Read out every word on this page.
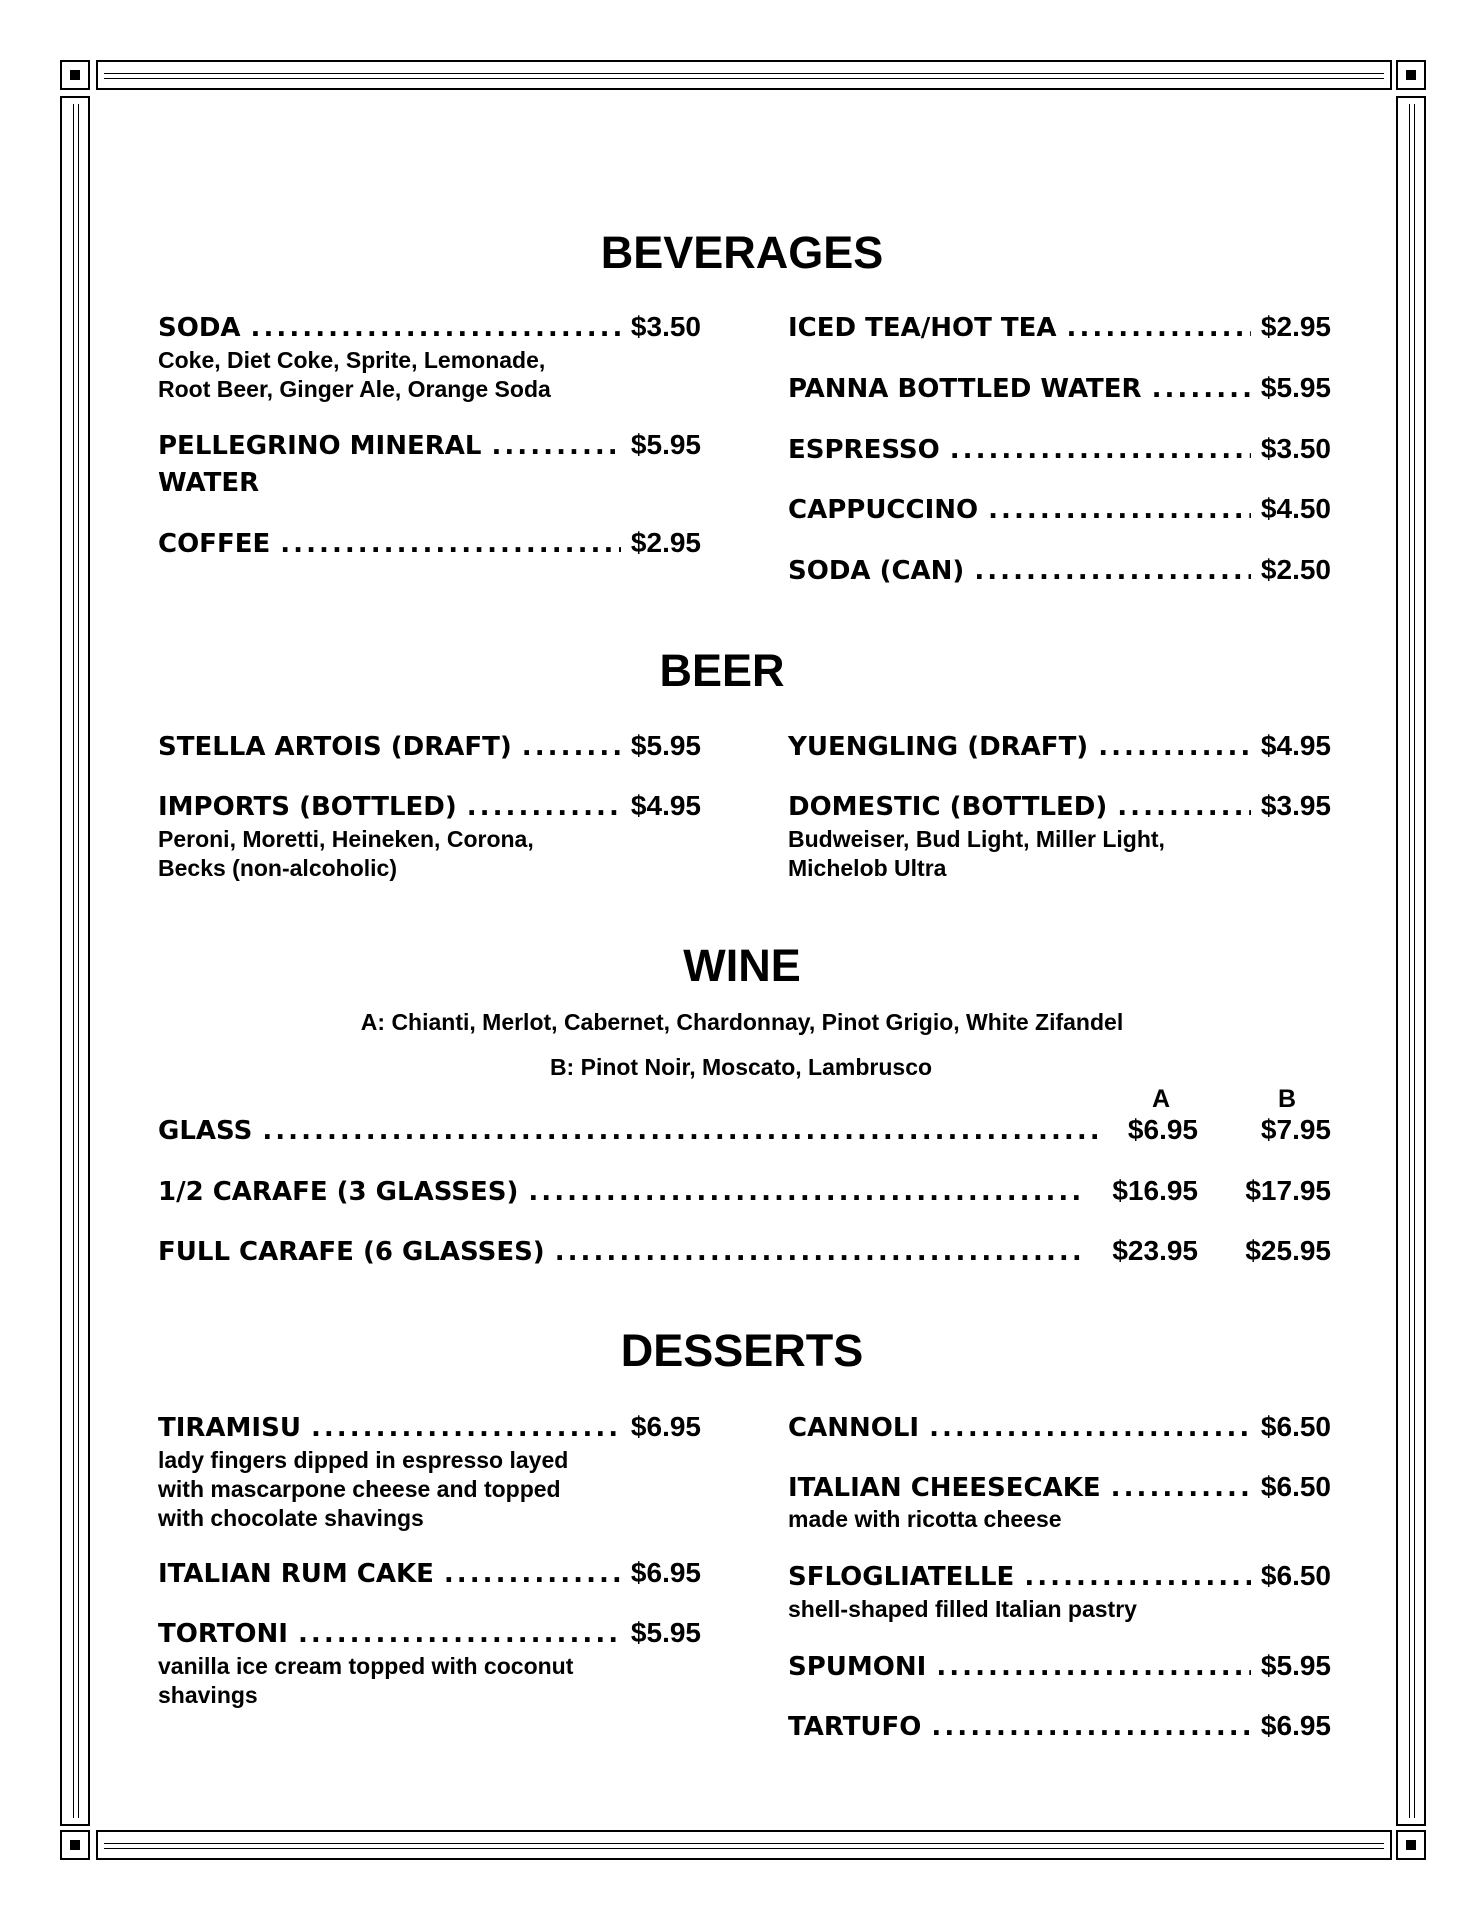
BEVERAGES
SODA . . .	$3.50
Coke, Diet Coke, Sprite, Lemonade,
Root Beer, Ginger Ale, Orange Soda
PELLEGRINO MINERAL . . .	$5.95
WATER
COFFEE . . .	$2.95
ICED TEA/HOT TEA . . .	$2.95
PANNA BOTTLED WATER . . .	$5.95
ESPRESSO . . .	$3.50
CAPPUCCINO . . .	$4.50
SODA (CAN) . . .	$2.50
BEER
STELLA ARTOIS (DRAFT) . . .	$5.95
IMPORTS (BOTTLED) . . .	$4.95
Peroni, Moretti, Heineken, Corona,
Becks (non-alcoholic)
YUENGLING (DRAFT) . . .	$4.95
DOMESTIC (BOTTLED) . . .	$3.95
Budweiser, Bud Light, Miller Light,
Michelob Ultra
WINE
A: Chianti, Merlot, Cabernet, Chardonnay, Pinot Grigio, White Zifandel
B: Pinot Noir, Moscato, Lambrusco
A	B
GLASS . . .	$6.95	$7.95
1/2 CARAFE (3 GLASSES) . . .	$16.95	$17.95
FULL CARAFE (6 GLASSES) . . .	$23.95	$25.95
DESSERTS
TIRAMISU . . .	$6.95
lady fingers dipped in espresso layed
with mascarpone cheese and topped
with chocolate shavings
ITALIAN RUM CAKE . . .	$6.95
TORTONI . . .	$5.95
vanilla ice cream topped with coconut
shavings
CANNOLI . . .	$6.50
ITALIAN CHEESECAKE . . .	$6.50
made with ricotta cheese
SFLOGLIATELLE . . .	$6.50
shell-shaped filled Italian pastry
SPUMONI . . .	$5.95
TARTUFO . . .	$6.95
